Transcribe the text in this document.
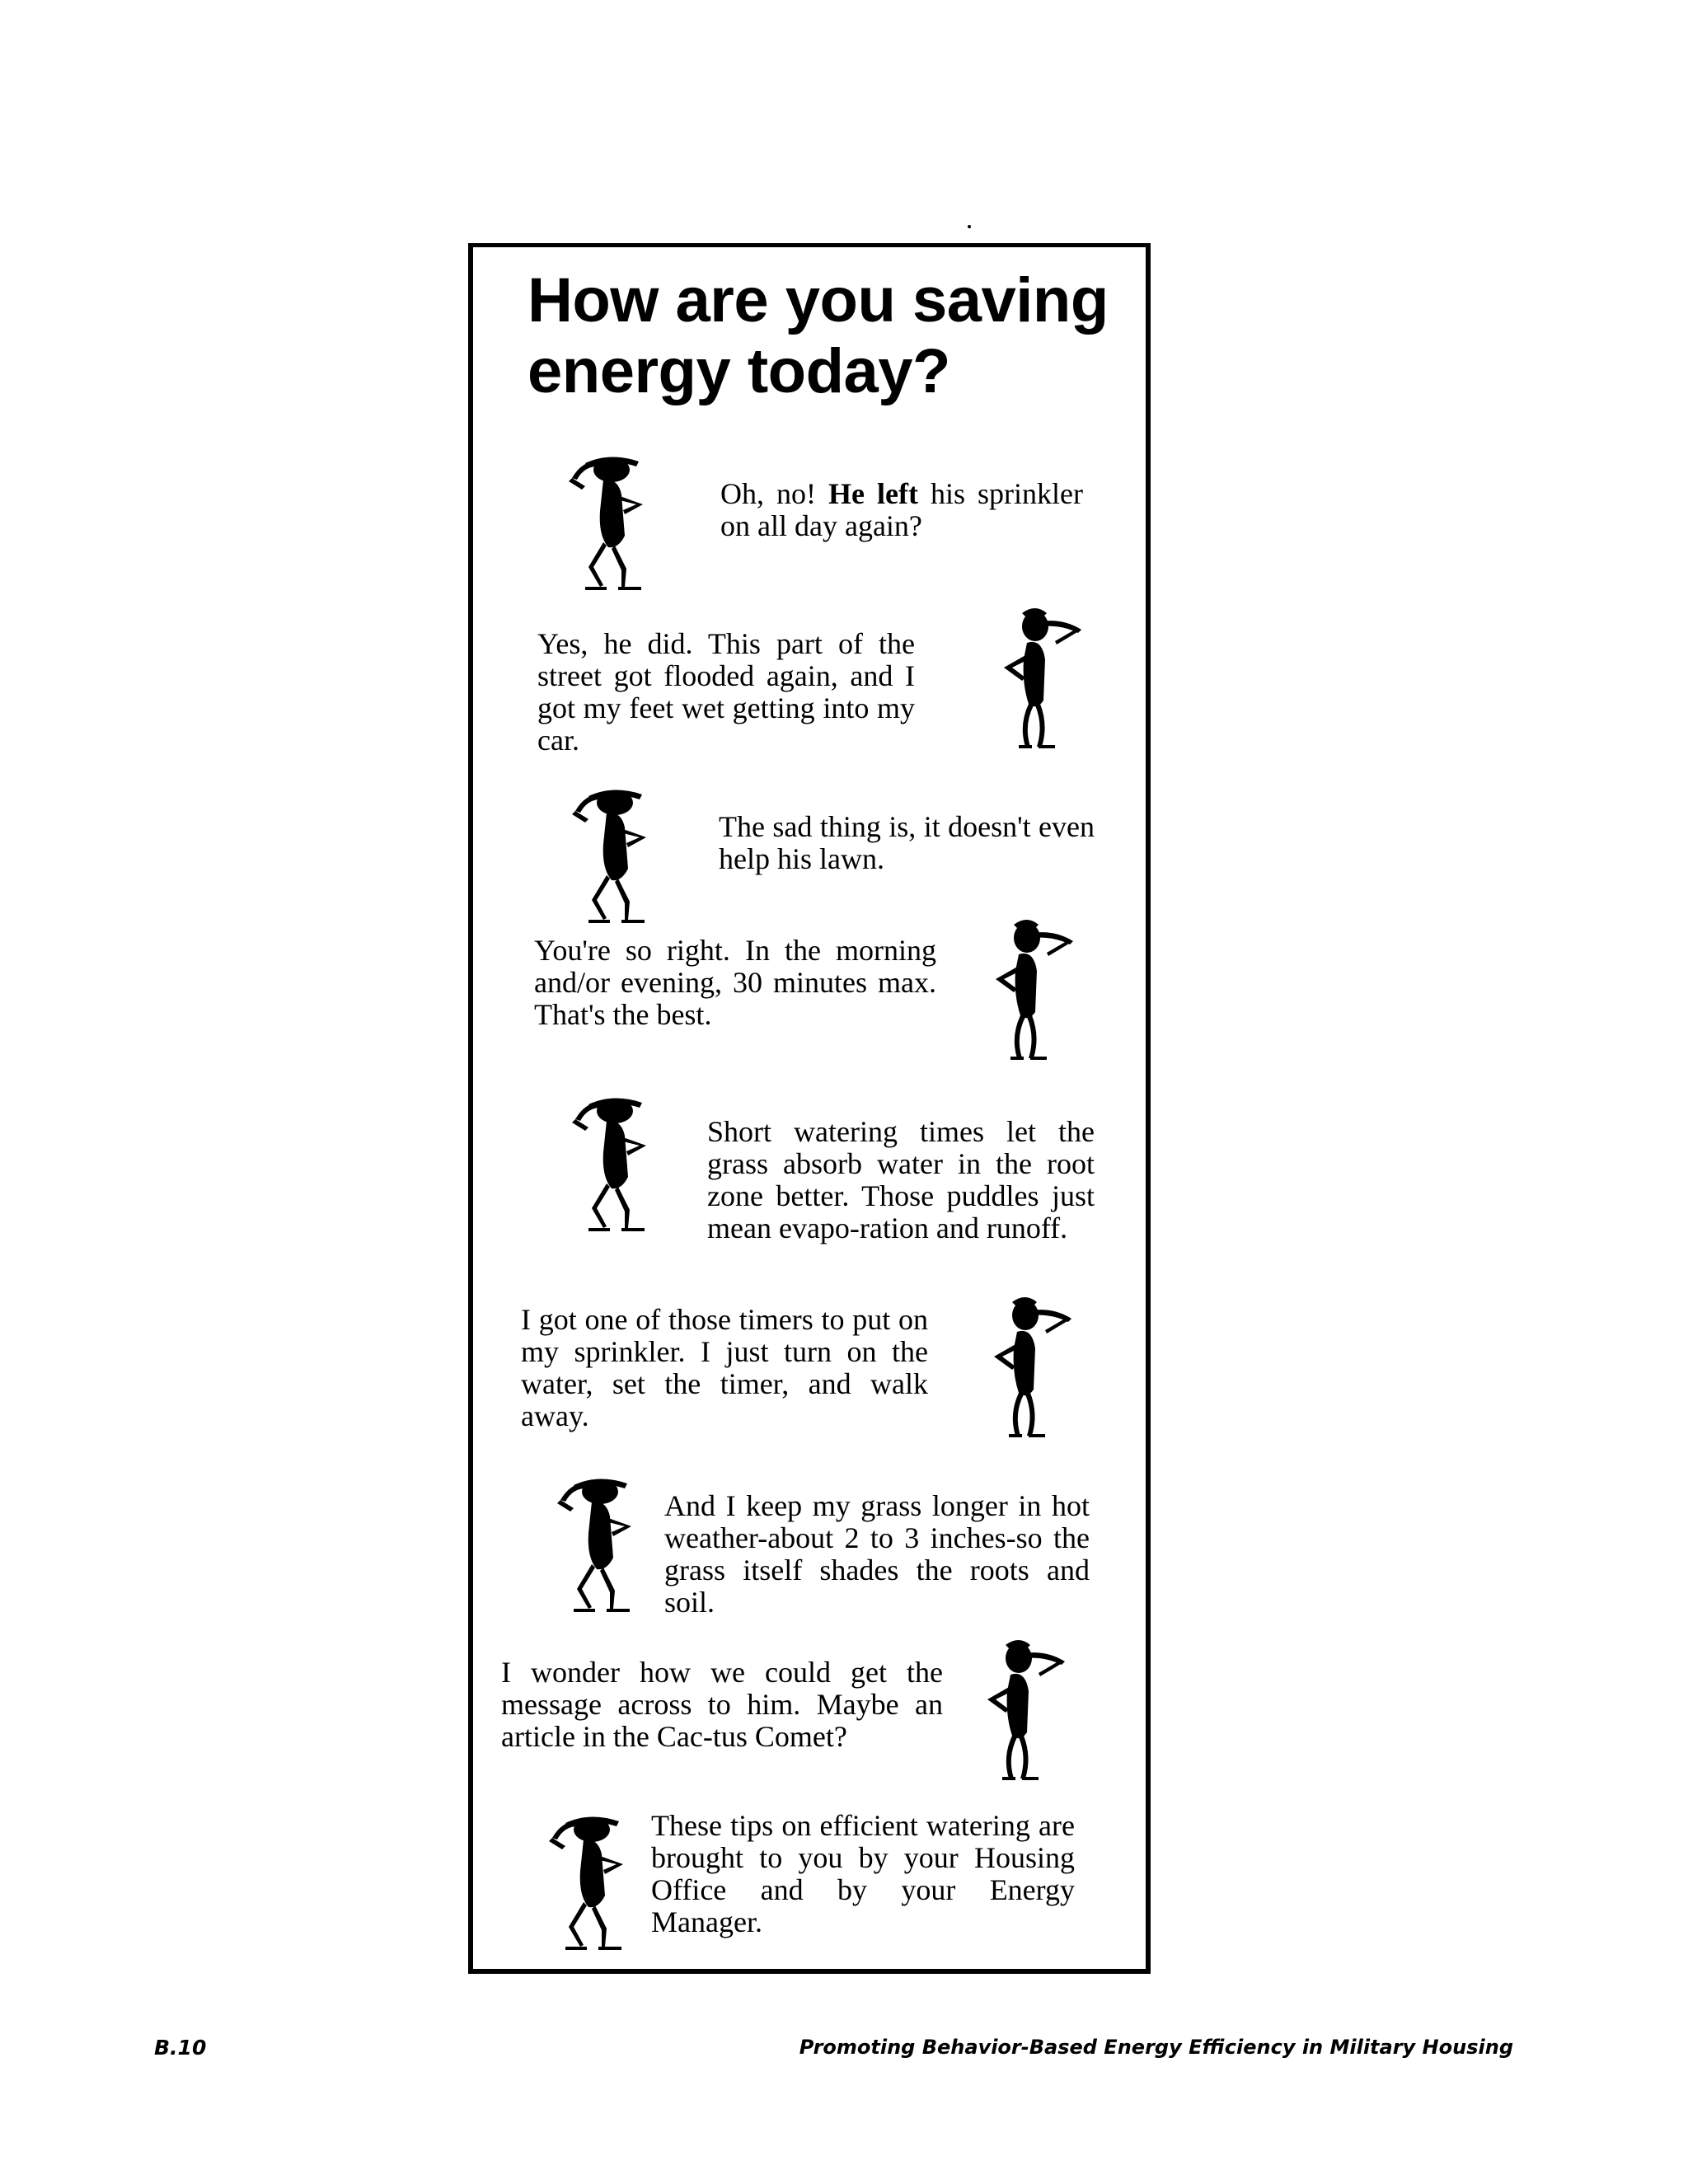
How are you saving energy today?

Oh, no! He left his sprinkler on all day again?

Yes, he did. This part of the street got flooded again, and I got my feet wet getting into my car.

The sad thing is, it doesn't even help his lawn.

You're so right. In the morning and/or evening, 30 minutes max. That's the best.

Short watering times let the grass absorb water in the root zone better. Those puddles just mean evapo-ration and runoff.

I got one of those timers to put on my sprinkler. I just turn on the water, set the timer, and walk away.

And I keep my grass longer in hot weather-about 2 to 3 inches-so the grass itself shades the roots and soil.

I wonder how we could get the message across to him. Maybe an article in the Cac-tus Comet?

These tips on efficient watering are brought to you by your Housing Office and by your Energy Manager.

B.10	Promoting Behavior-Based Energy Efficiency in Military Housing
